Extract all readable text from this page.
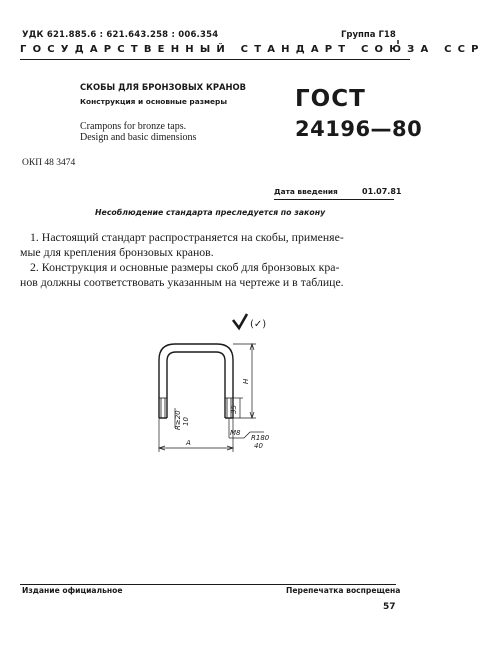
УДК 621.885.6 : 621.643.258 : 006.354	Группа Г18
ГОСУДАРСТВЕННЫЙ СТАНДАРТ СОЮЗА ССР
СКОБЫ ДЛЯ БРОНЗОВЫХ КРАНОВ
Конструкция и основные размеры
Crampons for bronze taps.
Design and basic dimensions
ГОСТ
24196—80
ОКП 48 3474
Дата введения	01.07.81
Несоблюдение стандарта преследуется по закону
1. Настоящий стандарт распространяется на скобы, применяе-
мые для крепления бронзовых кранов.
2. Конструкция и основные размеры скоб для бронзовых кра-
нов должны соответствовать указанным на чертеже и в таблице.
(✓)
H
35
R≥20 10
A
M8
R180
40
Издание официальное	Перепечатка воспрещена
57
